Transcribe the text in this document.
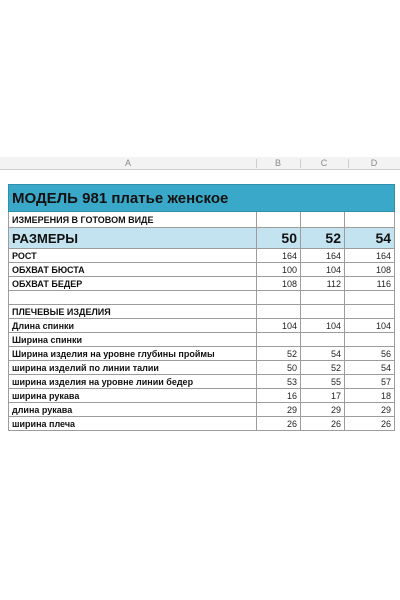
A	B	C	D
МОДЕЛЬ 981 платье женское			
ИЗМЕРЕНИЯ В ГОТОВОМ ВИДЕ			
РАЗМЕРЫ	50	52	54
РОСТ	164	164	164
ОБХВАТ БЮСТА	100	104	108
ОБХВАТ БЕДЕР	108	112	116

ПЛЕЧЕВЫЕ ИЗДЕЛИЯ			
Длина спинки	104	104	104
Ширина спинки			
Ширина изделия на уровне глубины проймы	52	54	56
ширина изделий по линии талии	50	52	54
ширина изделия на уровне линии бедер	53	55	57
ширина рукава	16	17	18
длина рукава	29	29	29
ширина плеча	26	26	26
